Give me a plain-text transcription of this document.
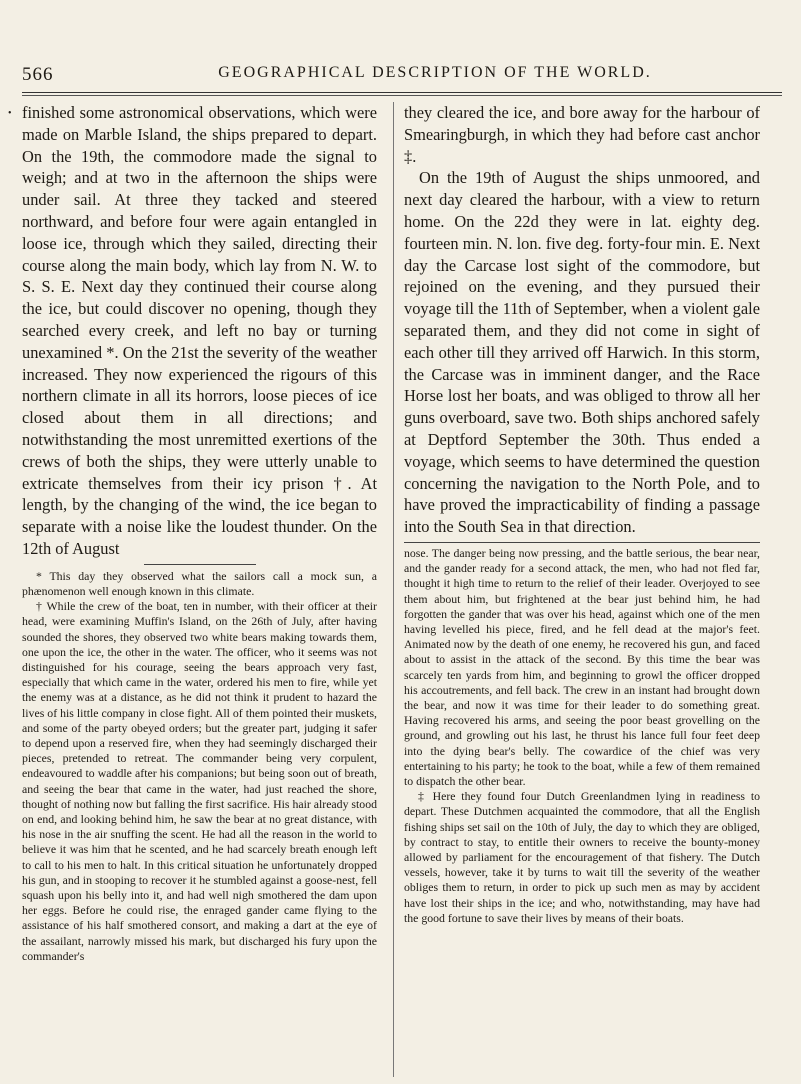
566	GEOGRAPHICAL DESCRIPTION OF THE WORLD.
• finished some astronomical observations, which were made on Marble Island, the ships prepared to depart. On the 19th, the commodore made the signal to weigh; and at two in the afternoon the ships were under sail. At three they tacked and steered northward, and before four were again entangled in loose ice, through which they sailed, directing their course along the main body, which lay from N. W. to S. S. E. Next day they continued their course along the ice, but could discover no opening, though they searched every creek, and left no bay or turning unexamined *. On the 21st the severity of the weather increased. They now experienced the rigours of this northern climate in all its horrors, loose pieces of ice closed about them in all directions; and notwithstanding the most unremitted exertions of the crews of both the ships, they were utterly unable to extricate themselves from their icy prison †. At length, by the changing of the wind, the ice began to separate with a noise like the loudest thunder. On the 12th of August

* This day they observed what the sailors call a mock sun, a phænomenon well enough known in this climate.

† While the crew of the boat, ten in number, with their officer at their head, were examining Muffin's Island, on the 26th of July, after having sounded the shores, they observed two white bears making towards them, one upon the ice, the other in the water. The officer, who it seems was not distinguished for his courage, seeing the bears approach very fast, especially that which came in the water, ordered his men to fire, while yet the enemy was at a distance, as he did not think it prudent to hazard the lives of his little company in close fight. All of them pointed their muskets, and some of the party obeyed orders; but the greater part, judging it safer to depend upon a reserved fire, when they had seemingly discharged their pieces, pretended to retreat. The commander being very corpulent, endeavoured to waddle after his companions; but being soon out of breath, and seeing the bear that came in the water, had just reached the shore, thought of nothing now but falling the first sacrifice. His hair already stood on end, and looking behind him, he saw the bear at no great distance, with his nose in the air snuffing the scent. He had all the reason in the world to believe it was him that he scented, and he had scarcely breath enough left to call to his men to halt. In this critical situation he unfortunately dropped his gun, and in stooping to recover it he stumbled against a goose-nest, fell squash upon his belly into it, and had well nigh smothered the dam upon her eggs. Before he could rise, the enraged gander came flying to the assistance of his half smothered consort, and making a dart at the eye of the assailant, narrowly missed his mark, but discharged his fury upon the commander's

they cleared the ice, and bore away for the harbour of Smearingburgh, in which they had before cast anchor ‡.

On the 19th of August the ships unmoored, and next day cleared the harbour, with a view to return home. On the 22d they were in lat. eighty deg. fourteen min. N. lon. five deg. forty-four min. E. Next day the Carcase lost sight of the commodore, but rejoined on the evening, and they pursued their voyage till the 11th of September, when a violent gale separated them, and they did not come in sight of each other till they arrived off Harwich. In this storm, the Carcase was in imminent danger, and the Race Horse lost her boats, and was obliged to throw all her guns overboard, save two. Both ships anchored safely at Deptford September the 30th. Thus ended a voyage, which seems to have determined the question concerning the navigation to the North Pole, and to have proved the impracticability of finding a passage into the South Sea in that direction.

nose. The danger being now pressing, and the battle serious, the bear near, and the gander ready for a second attack, the men, who had not fled far, thought it high time to return to the relief of their leader. Overjoyed to see them about him, but frightened at the bear just behind him, he had forgotten the gander that was over his head, against which one of the men having levelled his piece, fired, and he fell dead at the major's feet. Animated now by the death of one enemy, he recovered his gun, and faced about to assist in the attack of the second. By this time the bear was scarcely ten yards from him, and beginning to growl the officer dropped his accoutrements, and fell back. The crew in an instant had brought down the bear, and now it was time for their leader to do something great. Having recovered his arms, and seeing the poor beast grovelling on the ground, and growling out his last, he thrust his lance full four feet deep into the dying bear's belly. The cowardice of the chief was very entertaining to his party; he took to the boat, while a few of them remained to dispatch the other bear.

‡ Here they found four Dutch Greenlandmen lying in readiness to depart. These Dutchmen acquainted the commodore, that all the English fishing ships set sail on the 10th of July, the day to which they are obliged, by contract to stay, to entitle their owners to receive the bounty-money allowed by parliament for the encouragement of that fishery. The Dutch vessels, however, take it by turns to wait till the severity of the weather obliges them to return, in order to pick up such men as may by accident have lost their ships in the ice; and who, notwithstanding, may have had the good fortune to save their lives by means of their boats.
